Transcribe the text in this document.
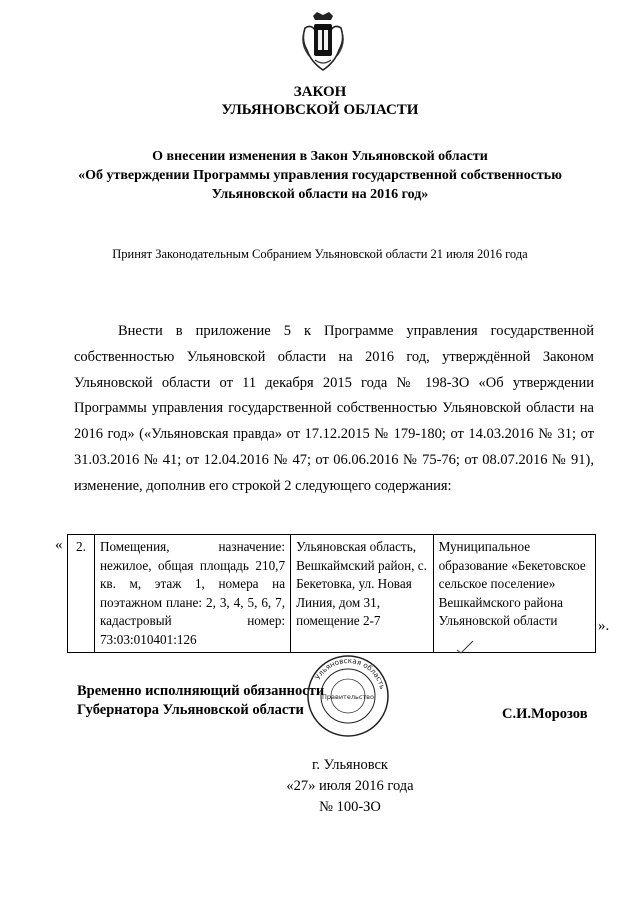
ЗАКОН
УЛЬЯНОВСКОЙ ОБЛАСТИ
О внесении изменения в Закон Ульяновской области
«Об утверждении Программы управления государственной собственностью
Ульяновской области на 2016 год»
Принят Законодательным Собранием Ульяновской области 21 июля 2016 года
Внести в приложение 5 к Программе управления государственной собственностью Ульяновской области на 2016 год, утверждённой Законом Ульяновской области от 11 декабря 2015 года № 198-ЗО «Об утверждении Программы управления государственной собственностью Ульяновской области на 2016 год» («Ульяновская правда» от 17.12.2015 № 179-180; от 14.03.2016 № 31; от 31.03.2016 № 41; от 12.04.2016 № 47; от 06.06.2016 № 75-76; от 08.07.2016 № 91), изменение, дополнив его строкой 2 следующего содержания:
« 2.	Помещения, назначение: нежилое, общая площадь 210,7 кв. м, этаж 1, номера на поэтажном плане: 2, 3, 4, 5, 6, 7, кадастровый номер: 73:03:010401:126	Ульяновская область, Вешкаймский район, с. Бекетовка, ул. Новая Линия, дом 31, помещение 2-7	Муниципальное образование «Бекетовское сельское поселение» Вешкаймского района Ульяновской области	».
Временно исполняющий обязанности
Губернатора Ульяновской области
Ульяновская область
Правительство
С.И.Морозов
г. Ульяновск
«27» июля 2016 года
№ 100-ЗО
